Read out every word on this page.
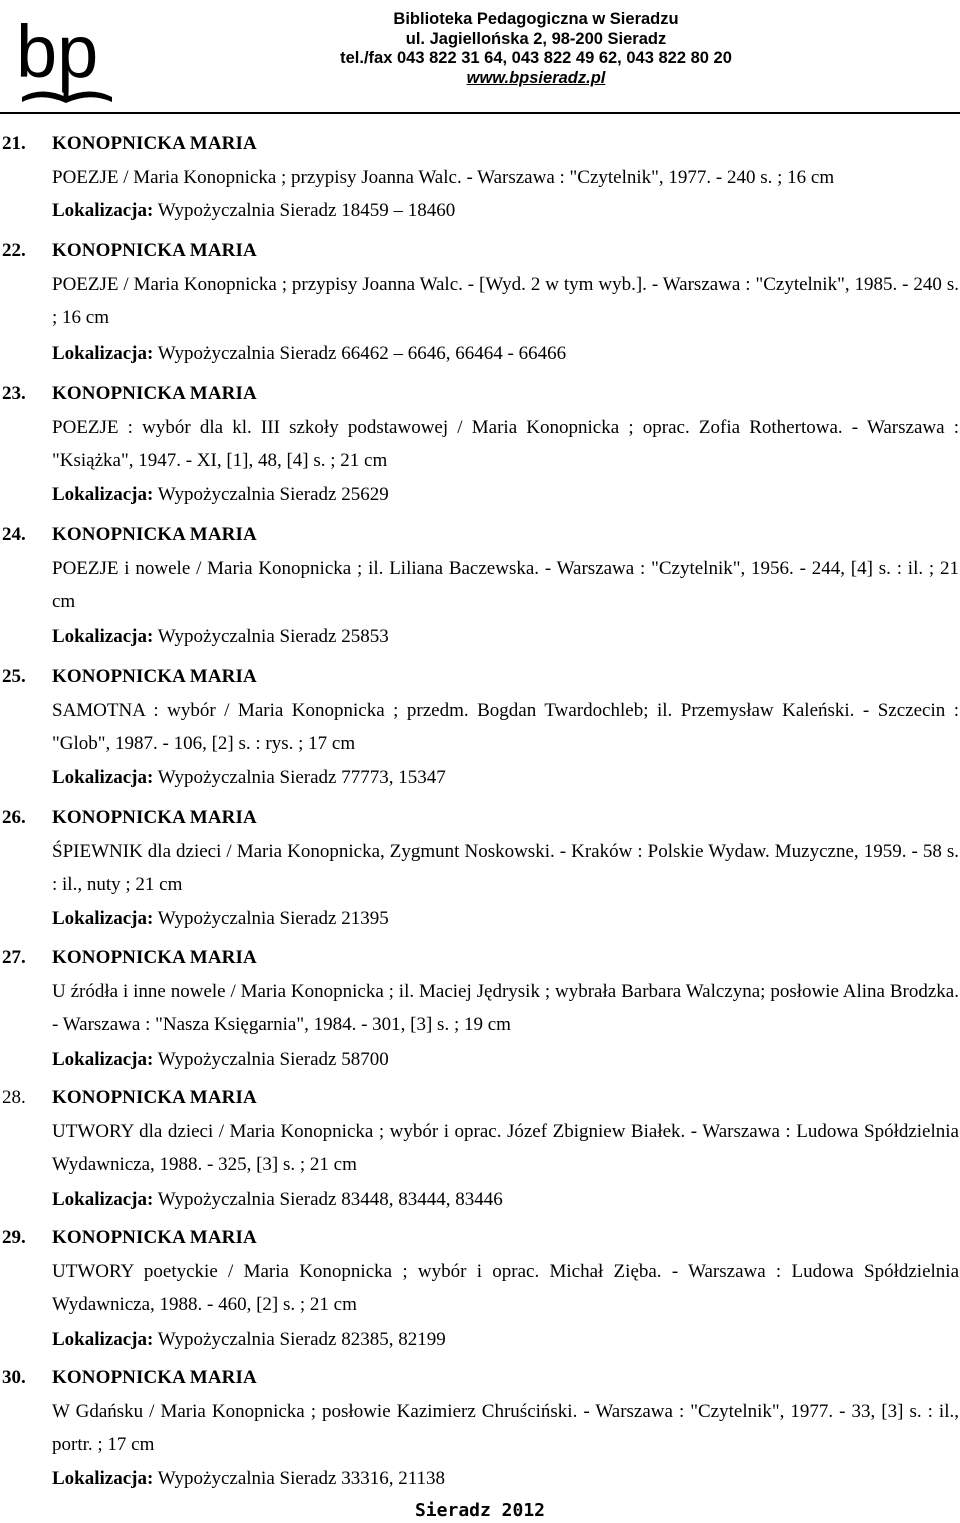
bp	Biblioteka Pedagogiczna w Sieradzu
ul. Jagiellońska 2, 98-200 Sieradz
tel./fax 043 822 31 64, 043 822 49 62, 043 822 80 20
www.bpsieradz.pl
21. KONOPNICKA MARIA
POEZJE / Maria Konopnicka ; przypisy Joanna Walc. - Warszawa : "Czytelnik", 1977. - 240 s. ; 16 cm
Lokalizacja: Wypożyczalnia Sieradz 18459 – 18460
22. KONOPNICKA MARIA
POEZJE / Maria Konopnicka ; przypisy Joanna Walc. - [Wyd. 2 w tym wyb.]. - Warszawa : "Czytelnik", 1985. - 240 s. ; 16 cm
Lokalizacja: Wypożyczalnia Sieradz 66462 – 6646, 66464 - 66466
23. KONOPNICKA MARIA
POEZJE : wybór dla kl. III szkoły podstawowej / Maria Konopnicka ; oprac. Zofia Rothertowa. - Warszawa : "Książka", 1947. - XI, [1], 48, [4] s. ; 21 cm
Lokalizacja: Wypożyczalnia Sieradz 25629
24. KONOPNICKA MARIA
POEZJE i nowele / Maria Konopnicka ; il. Liliana Baczewska. - Warszawa : "Czytelnik", 1956. - 244, [4] s. : il. ; 21 cm
Lokalizacja: Wypożyczalnia Sieradz 25853
25. KONOPNICKA MARIA
SAMOTNA : wybór / Maria Konopnicka ; przedm. Bogdan Twardochleb; il. Przemysław Kaleński. - Szczecin : "Glob", 1987. - 106, [2] s. : rys. ; 17 cm
Lokalizacja: Wypożyczalnia Sieradz 77773, 15347
26. KONOPNICKA MARIA
ŚPIEWNIK dla dzieci / Maria Konopnicka, Zygmunt Noskowski. - Kraków : Polskie Wydaw. Muzyczne, 1959. - 58 s. : il., nuty ; 21 cm
Lokalizacja: Wypożyczalnia Sieradz 21395
27. KONOPNICKA MARIA
U źródła i inne nowele / Maria Konopnicka ; il. Maciej Jędrysik ; wybrała Barbara Walczyna; posłowie Alina Brodzka. - Warszawa : "Nasza Księgarnia", 1984. - 301, [3] s. ; 19 cm
Lokalizacja: Wypożyczalnia Sieradz 58700
28. KONOPNICKA MARIA
UTWORY dla dzieci / Maria Konopnicka ; wybór i oprac. Józef Zbigniew Białek. - Warszawa : Ludowa Spółdzielnia Wydawnicza, 1988. - 325, [3] s. ; 21 cm
Lokalizacja: Wypożyczalnia Sieradz 83448, 83444, 83446
29. KONOPNICKA MARIA
UTWORY poetyckie / Maria Konopnicka ; wybór i oprac. Michał Zięba. - Warszawa : Ludowa Spółdzielnia Wydawnicza, 1988. - 460, [2] s. ; 21 cm
Lokalizacja: Wypożyczalnia Sieradz 82385, 82199
30. KONOPNICKA MARIA
W Gdańsku / Maria Konopnicka ; posłowie Kazimierz Chruściński. - Warszawa : "Czytelnik", 1977. - 33, [3] s. : il., portr. ; 17 cm
Lokalizacja: Wypożyczalnia Sieradz 33316, 21138
Sieradz 2012
